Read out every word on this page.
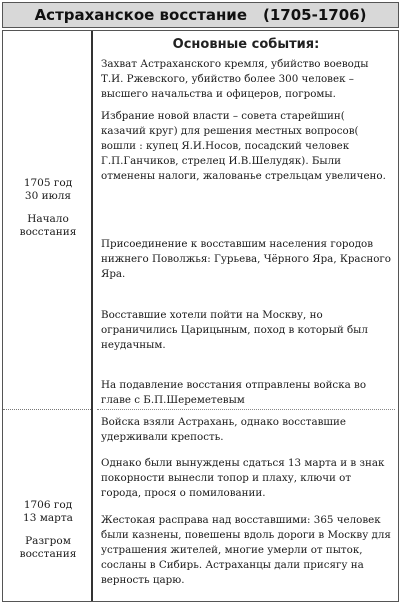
Астраханское восстание (1705-1706)
1705 год
30 июля
Начало
восстания
1706 год
13 марта
Разгром
восстания
Основные события:
Захват Астраханского кремля, убийство воеводы Т.И. Ржевского, убийство более 300 человек – высшего начальства и офицеров, погромы.
Избрание новой власти – совета старейшин( казачий круг) для решения местных вопросов( вошли : купец Я.И.Носов, посадский человек Г.П.Ганчиков, стрелец И.В.Шелудяк). Были отменены налоги, жалованье стрельцам увеличено.
Присоединение к восставшим населения городов нижнего Поволжья: Гурьева, Чёрного Яра, Красного Яра.
Восставшие хотели пойти на Москву, но ограничились Царицыным, поход в который был неудачным.
На подавление восстания отправлены войска во главе с Б.П.Шереметевым
Войска взяли Астрахань, однако восставшие удерживали крепость.
Однако были вынуждены сдаться 13 марта и в знак покорности вынесли топор и плаху, ключи от города, прося о помиловании.
Жестокая расправа над восставшими: 365 человек были казнены, повешены вдоль дороги в Москву для устрашения жителей, многие умерли от пыток, сосланы в Сибирь. Астраханцы дали присягу на верность царю.
